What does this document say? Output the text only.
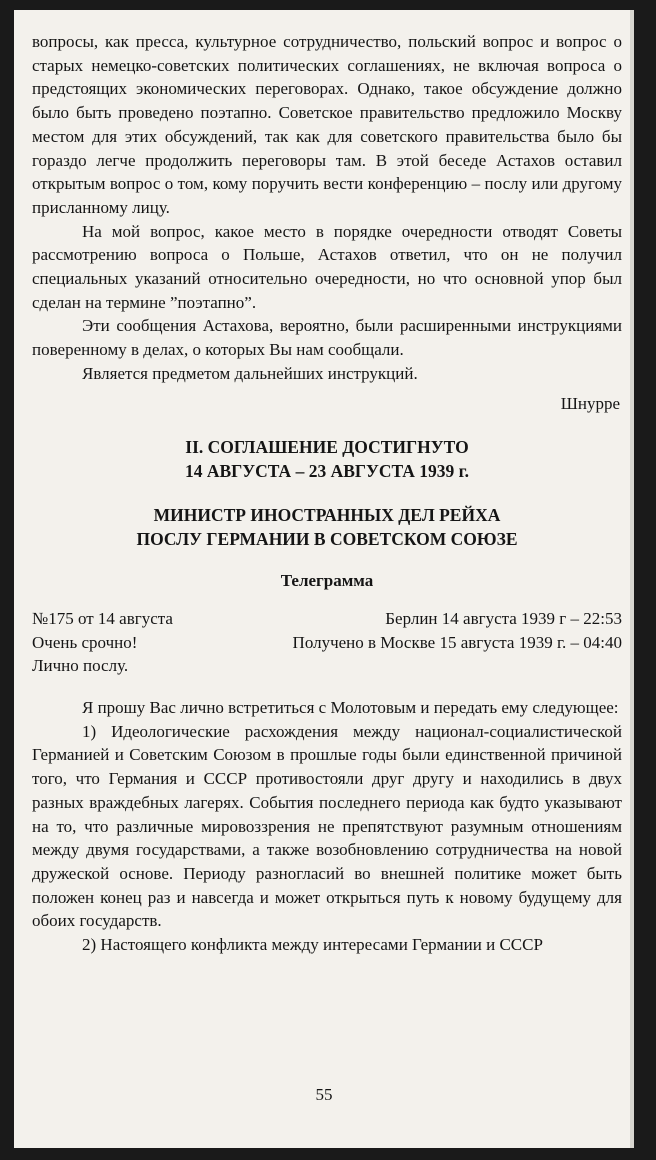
вопросы, как пресса, культурное сотрудничество, польский вопрос и вопрос о старых немецко-советских политических соглашениях, не включая вопроса о предстоящих экономических переговорах. Однако, такое обсуждение должно было быть проведено поэтапно. Советское правительство предложило Москву местом для этих обсуждений, так как для советского правительства было бы гораздо легче продолжить переговоры там. В этой беседе Астахов оставил открытым вопрос о том, кому поручить вести конференцию – послу или другому присланному лицу.

На мой вопрос, какое место в порядке очередности отводят Советы рассмотрению вопроса о Польше, Астахов ответил, что он не получил специальных указаний относительно очередности, но что основной упор был сделан на термине ”поэтапно”.

Эти сообщения Астахова, вероятно, были расширенными инструкциями поверенному в делах, о которых Вы нам сообщали.

Является предметом дальнейших инструкций.

Шнурре
II. СОГЛАШЕНИЕ ДОСТИГНУТО
14 АВГУСТА – 23 АВГУСТА 1939 г.
МИНИСТР ИНОСТРАННЫХ ДЕЛ РЕЙХА
ПОСЛУ ГЕРМАНИИ В СОВЕТСКОМ СОЮЗЕ
Телеграмма
№175 от 14 августа	Берлин 14 августа 1939 г – 22:53
Очень срочно!	Получено в Москве 15 августа 1939 г. – 04:40
Лично послу.

Я прошу Вас лично встретиться с Молотовым и передать ему следующее:

1) Идеологические расхождения между национал-социалистической Германией и Советским Союзом в прошлые годы были единственной причиной того, что Германия и СССР противостояли друг другу и находились в двух разных враждебных лагерях. События последнего периода как будто указывают на то, что различные мировоззрения не препятствуют разумным отношениям между двумя государствами, а также возобновлению сотрудничества на новой дружеской основе. Периоду разногласий во внешней политике может быть положен конец раз и навсегда и может открыться путь к новому будущему для обоих государств.

2) Настоящего конфликта между интересами Германии и СССР

55
